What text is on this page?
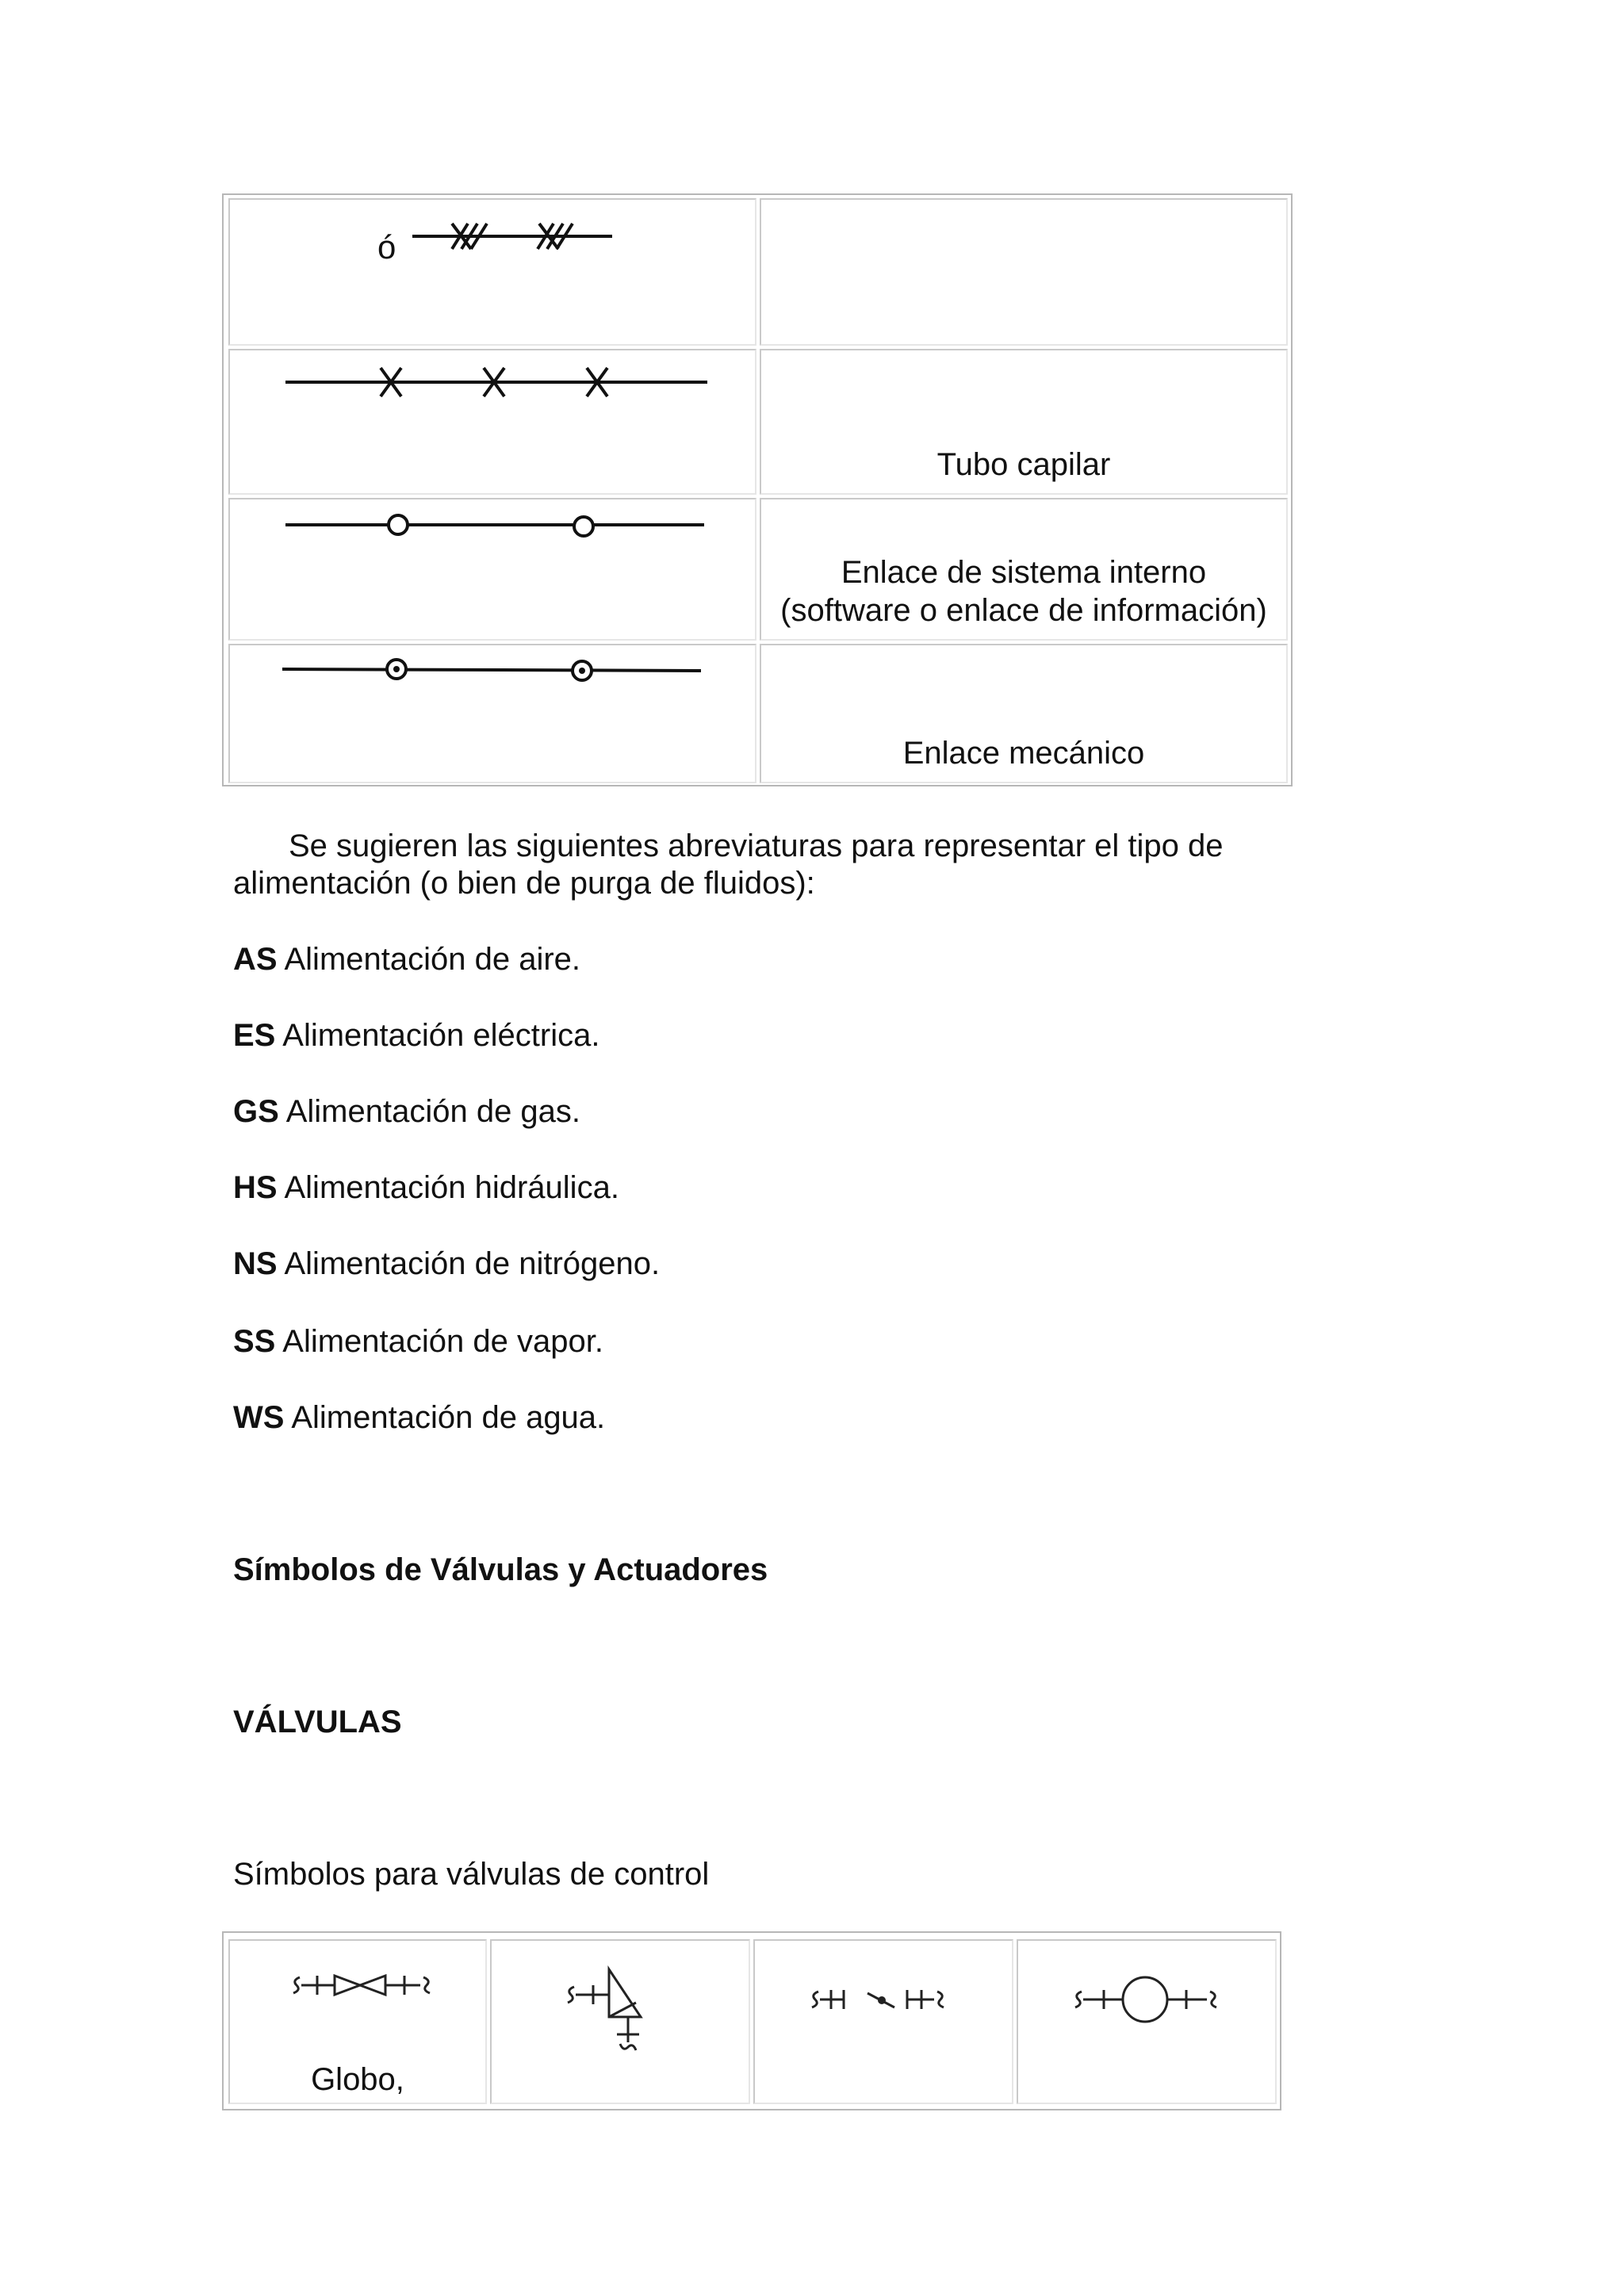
ó
Tubo capilar
Enlace de sistema interno
(software o enlace de información)
Enlace mecánico
Se sugieren las siguientes abreviaturas para representar el tipo de alimentación (o bien de purga de fluidos):
AS Alimentación de aire.
ES Alimentación eléctrica.
GS Alimentación de gas.
HS Alimentación hidráulica.
NS Alimentación de nitrógeno.
SS Alimentación de vapor.
WS Alimentación de agua.
Símbolos de Válvulas y Actuadores
VÁLVULAS
Símbolos para válvulas de control
Globo,
